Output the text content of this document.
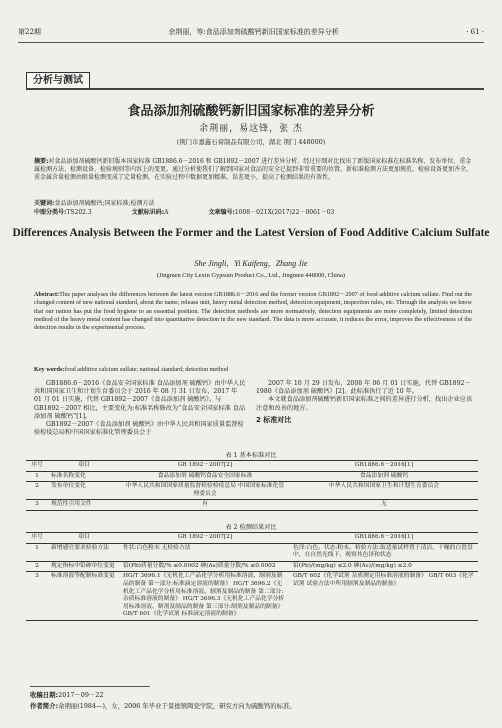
第22期	余荆丽，等:食品添加剂硫酸钙新旧国家标准的差异分析	· 61 ·
分析与测试
食品添加剂硫酸钙新旧国家标准的差异分析
余荆丽，易这锋，张 杰
(荆门市嘉鑫石膏制品有限公司，湖北 荆门 448000)
摘要:对食品添加剂硫酸钙新旧版本国家标准 GB1886.6－2016 和 GB1892－2007 进行差异分析。经过仔细对比找出了新版国家标准在标准名称、发布单位、重金属检测方法、检测设备、检验规则等内容上的变更。通过分析使我们了解到国家对食品的安全已提到非常重要的位置。新标准检测方法更加规范，检验设备更加齐全，重金属含量检测由限量检测变成了定量检测。在实验过程中数据更加精准，误差更小，提高了检测结果的有效性。
关键词:食品添加剂硫酸钙;国家标准;检测方法
中图分类号:TS202.3	文献标识码:A	文章编号:1008－021X(2017)22－0061－03
Differences Analysis Between the Former and the Latest Version of Food Additive Calcium Sulfate
She Jingli，Yi Kaifeng，Zhang Jie
(Jingmen City Lexin Gypsum Product Co., Ltd., Jingmen 448000, China)
Abstract:This paper analyses the differences between the latest version GB1886.6－2016 and the former version GB1892－2007 of food additive calcium sulfate. Find out the changed content of new national standard, about the name, release unit, heavy metal detection method, detection equipment, inspection rules, etc. Through the analysis we know that our nation has put the food hygiene to an essential position. The detection methods are more normatively, detection equipments are more completely, limited detection method of the heavy metal content has changed into quantitative detection in the new standard. The data is more accurate, it reduces the error, improves the effectiveness of the detection results in the experimental process.
Key words:food additive calcium sulfate; national standard; detection method

GB1886.6－2016《食品安全国家标准 食品添加剂 硫酸钙》由中华人民共和国国家卫生和计划生育委员会于 2016 年 08 月 31 日发布，2017 年 01 月 01 日实施，代替 GB1892－2007《食品添加剂 硫酸钙》。与 GB1892－2007 相比，主要变化为:标准名称修改为“食品安全国家标准 食品添加剂 硫酸钙”[1]。

GB1892－2007《食品添加剂 硫酸钙》由中华人民共和国家质量监督检验检疫总局和中国国家标准化管理委员会于

2007 年 10 月 29 日发布，2008 年 06 月 01 日实施，代替 GB1892－1980《食品添加剂 硫酸钙》[2]。此标准执行了近 10 年。

本文就食品添加剂硫酸钙新旧国家标准之间的差异进行分析，找出企业应该注意和改善的地方。

2 标准对比

表 1 基本标准对比
序号	项目	GB 1892－2007[2]	GB1886.6－2016[1]
1	标准名称变化	食品添加剂 硫酸钙食品安全国家标准	食品添加剂 硫酸钙
2	发布单位变化	中华人民共和国国家质量监督检验检疫总局 中国国家标准化管理委员会	中华人民共和国国家卫生和计划生育委员会
3	规范性引用文件	有	无
表 2 检测结果对比
序号	项目	GB 1892－2007[2]	GB1886.6－2016[1]
1	新增感官要求检验方法	性状:白色粉末 无检验方法	色泽:白色。状态:粉末。检验方法:取适量试样置于清洁、干燥的白瓷盘中，在自然光线下，观察其色泽和状态
2	规定指标中铅砷单位变更	铅(Pb)质量分数/% ≤0.0002 砷(As)质量分数/% ≤0.0002	铅(Pb)/(mg/kg) ≤2.0 砷(As)/(mg/kg) ≤2.0
3	标准溶液等配制标准变更	HG/T 3696.1《无机化工产品化学分析用标准溶液、制剂及制品的制备 第一部分:标准滴定溶液的制备》 HG/T 3696.2《无机化工产品化学分析用标准溶液、制剂及制品的制备 第二部分:杂质标准溶液的制备》 HG/T 3696.3《无机化工产品化学分析用标准溶液、制剂及制品的制备 第三部分:制剂及制品的制备》GB/T 601《化学试剂 标准滴定溶液的制备》	GB/T 602《化学试剂 杂质测定用标准溶液的制备》 GB/T 603《化学试剂 试验方法中所用制剂及制品的制备》
收稿日期:2017－09－22
作者简介:余荆丽(1984—)，女，2006 年毕业于景德镇陶瓷学院，研究方向为硫酸钙的标准。
